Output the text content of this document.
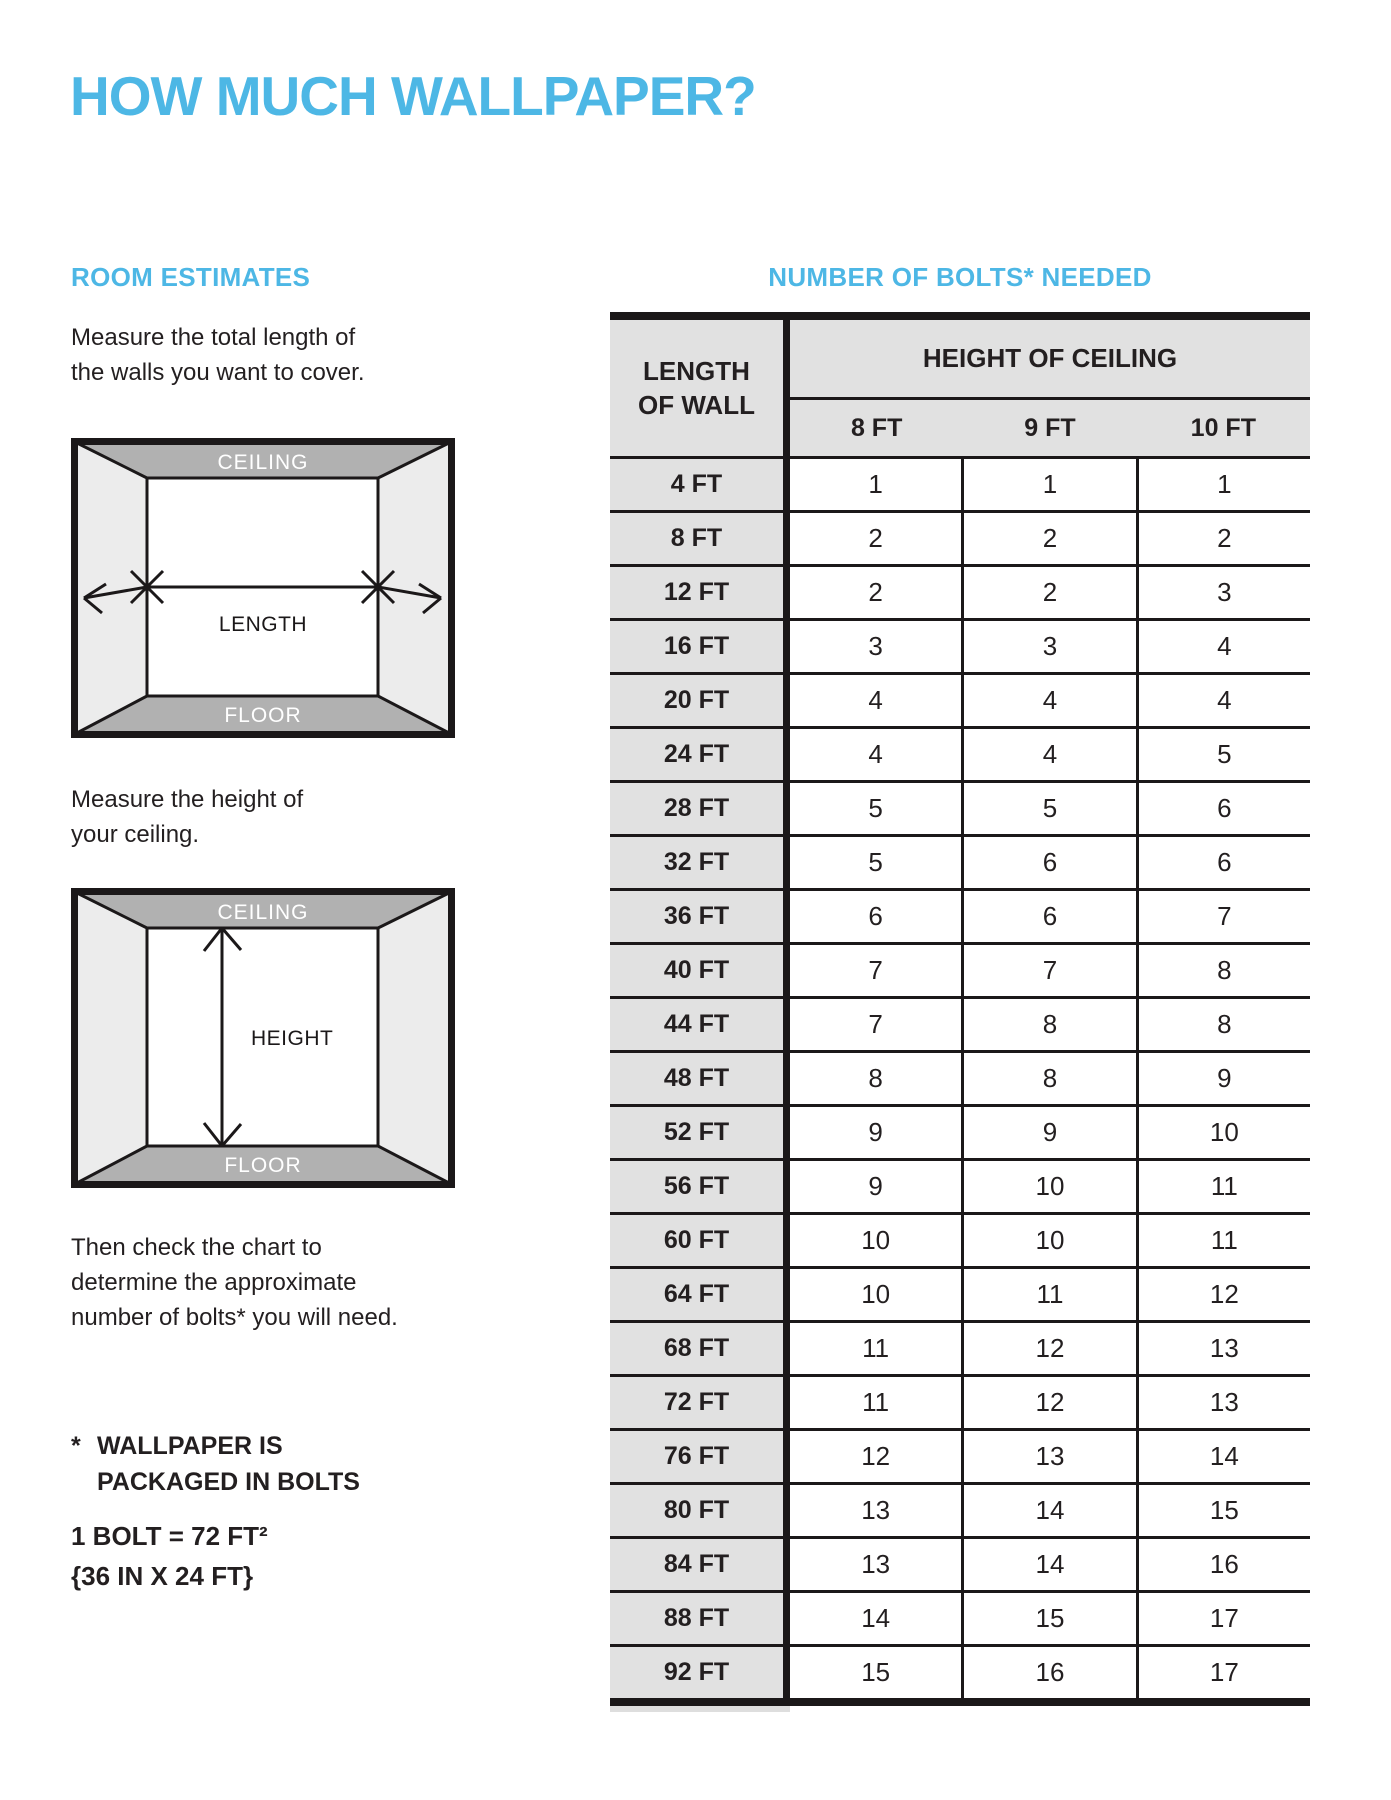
HOW MUCH WALLPAPER?
ROOM ESTIMATES
Measure the total length of
the walls you want to cover.
CEILING
LENGTH
FLOOR
Measure the height of
your ceiling.
CEILING
HEIGHT
FLOOR
Then check the chart to
determine the approximate
number of bolts* you will need.
* WALLPAPER IS
PACKAGED IN BOLTS
1 BOLT = 72 FT²
{36 IN X 24 FT}
NUMBER OF BOLTS* NEEDED
LENGTH
OF WALL
HEIGHT OF CEILING
8 FT	9 FT	10 FT
4 FT	1	1	1
8 FT	2	2	2
12 FT	2	2	3
16 FT	3	3	4
20 FT	4	4	4
24 FT	4	4	5
28 FT	5	5	6
32 FT	5	6	6
36 FT	6	6	7
40 FT	7	7	8
44 FT	7	8	8
48 FT	8	8	9
52 FT	9	9	10
56 FT	9	10	11
60 FT	10	10	11
64 FT	10	11	12
68 FT	11	12	13
72 FT	11	12	13
76 FT	12	13	14
80 FT	13	14	15
84 FT	13	14	16
88 FT	14	15	17
92 FT	15	16	17
